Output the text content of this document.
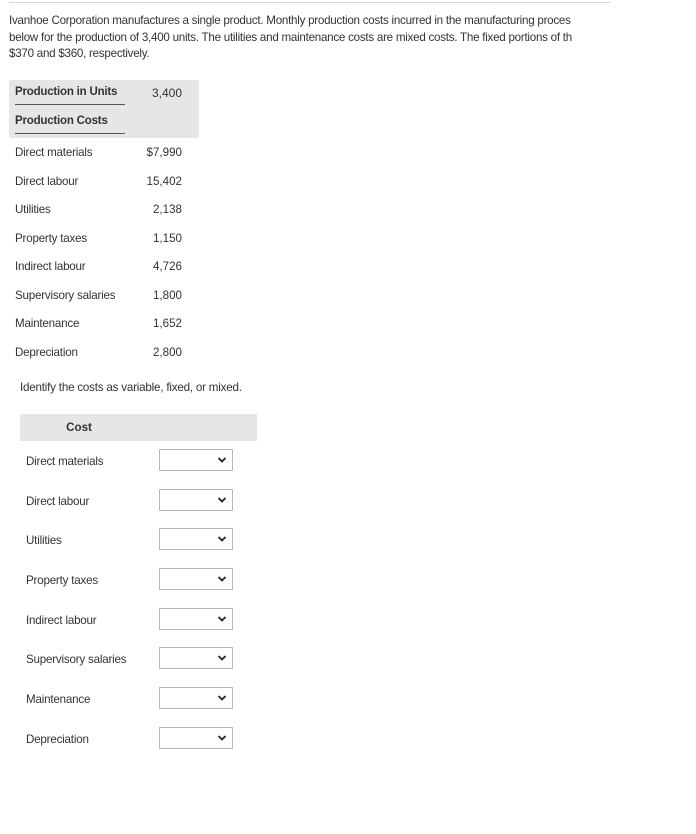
Ivanhoe Corporation manufactures a single product. Monthly production costs incurred in the manufacturing proces
below for the production of 3,400 units. The utilities and maintenance costs are mixed costs. The fixed portions of th
$370 and $360, respectively.
Production in Units	3,400
Production Costs
Direct materials	$7,990
Direct labour	15,402
Utilities	2,138
Property taxes	1,150
Indirect labour	4,726
Supervisory salaries	1,800
Maintenance	1,652
Depreciation	2,800
Identify the costs as variable, fixed, or mixed.
Cost
Direct materials
Direct labour
Utilities
Property taxes
Indirect labour
Supervisory salaries
Maintenance
Depreciation
